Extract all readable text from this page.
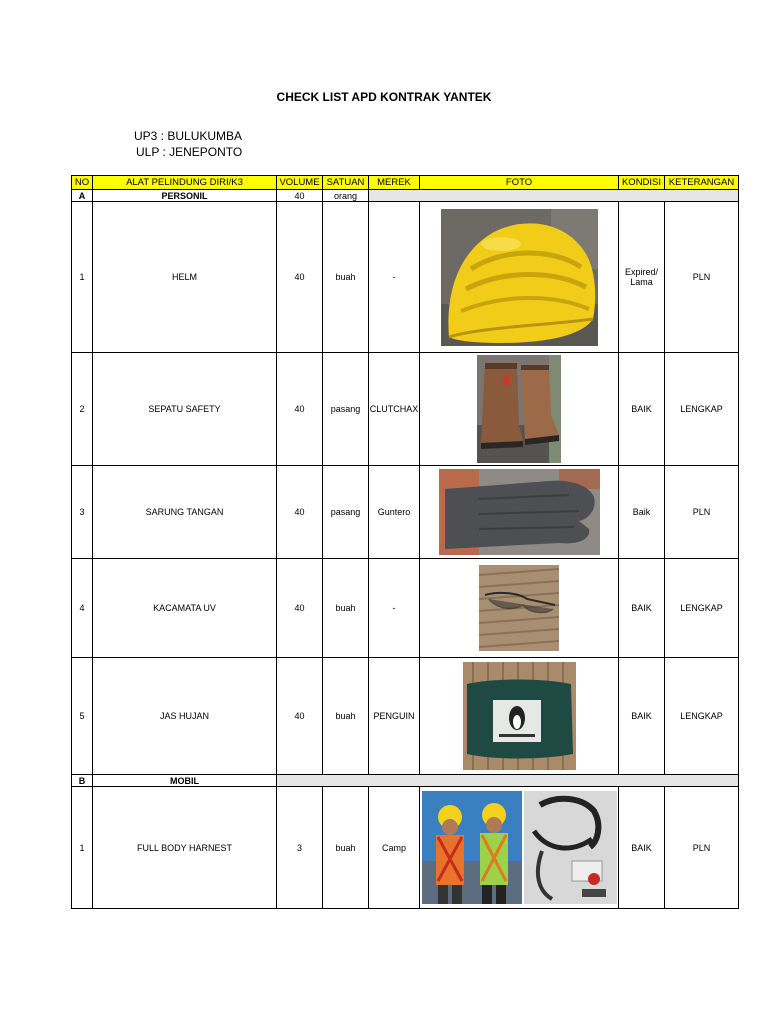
CHECK LIST APD KONTRAK YANTEK
UP3 : BULUKUMBA
ULP : JENEPONTO
NO	ALAT PELINDUNG DIRI/K3	VOLUME	SATUAN	MEREK	FOTO	KONDISI	KETERANGAN
A	PERSONIL	40	orang				
1	HELM	40	buah	-		Expired/ Lama	PLN
2	SEPATU SAFETY	40	pasang	CLUTCHAX		BAIK	LENGKAP
3	SARUNG TANGAN	40	pasang	Guntero		Baik	PLN
4	KACAMATA UV	40	buah	-		BAIK	LENGKAP
5	JAS HUJAN	40	buah	PENGUIN		BAIK	LENGKAP
B	MOBIL						
1	FULL BODY HARNEST	3	buah	Camp		BAIK	PLN
